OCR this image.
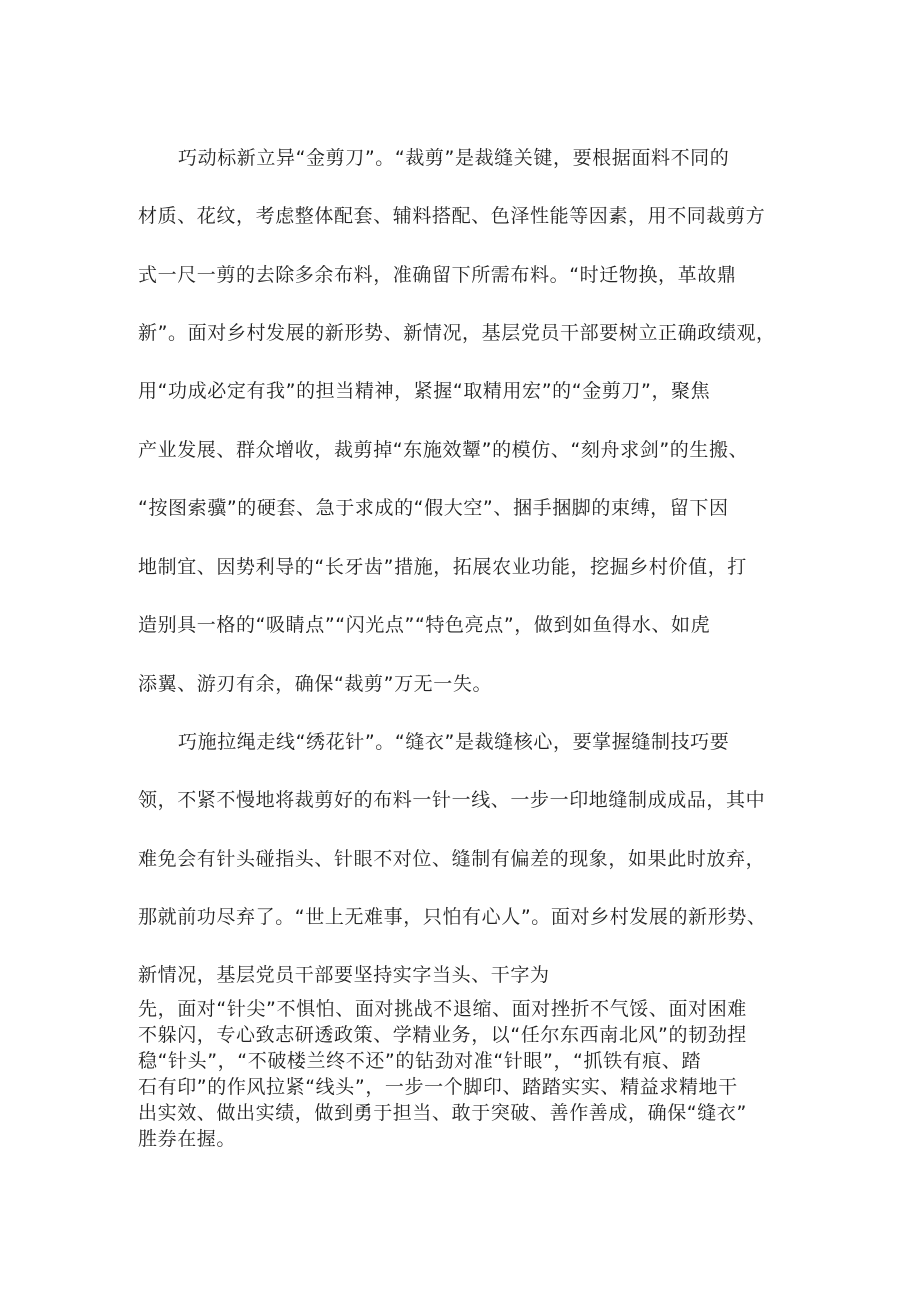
巧动标新立异“金剪刀”。“裁剪”是裁缝关键，要根据面料不同的
材质、花纹，考虑整体配套、辅料搭配、色泽性能等因素，用不同裁剪方
式一尺一剪的去除多余布料，准确留下所需布料。“时迁物换，革故鼎
新”。面对乡村发展的新形势、新情况，基层党员干部要树立正确政绩观，
用“功成必定有我”的担当精神，紧握“取精用宏”的“金剪刀”，聚焦
产业发展、群众增收，裁剪掉“东施效颦”的模仿、“刻舟求剑”的生搬、
“按图索骥”的硬套、急于求成的“假大空”、捆手捆脚的束缚，留下因
地制宜、因势利导的“长牙齿”措施，拓展农业功能，挖掘乡村价值，打
造别具一格的“吸睛点”“闪光点”“特色亮点”，做到如鱼得水、如虎
添翼、游刃有余，确保“裁剪”万无一失。
巧施拉绳走线“绣花针”。“缝衣”是裁缝核心，要掌握缝制技巧要
领，不紧不慢地将裁剪好的布料一针一线、一步一印地缝制成成品，其中
难免会有针头碰指头、针眼不对位、缝制有偏差的现象，如果此时放弃，
那就前功尽弃了。“世上无难事，只怕有心人”。面对乡村发展的新形势、
新情况，基层党员干部要坚持实字当头、干字为
先，面对“针尖”不惧怕、面对挑战不退缩、面对挫折不气馁、面对困难
不躲闪，专心致志研透政策、学精业务，以“任尔东西南北风”的韧劲捏
稳“针头”，“不破楼兰终不还”的钻劲对准“针眼”，“抓铁有痕、踏
石有印”的作风拉紧“线头”，一步一个脚印、踏踏实实、精益求精地干
出实效、做出实绩，做到勇于担当、敢于突破、善作善成，确保“缝衣”
胜券在握。
